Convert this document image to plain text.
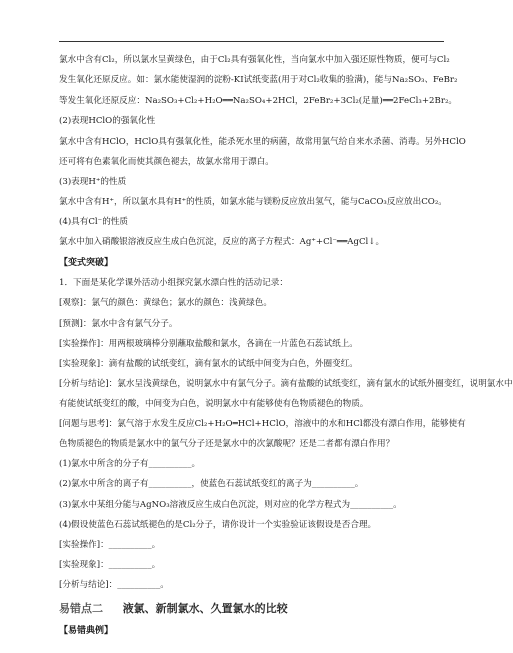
氯水中含有Cl₂，所以氯水呈黄绿色，由于Cl₂具有强氧化性，当向氯水中加入强还原性物质，便可与Cl₂
发生氧化还原反应。如：氯水能使湿润的淀粉-KI试纸变蓝(用于对Cl₂收集的验满)，能与Na₂SO₃、FeBr₂
等发生氧化还原反应：Na₂SO₃+Cl₂+H₂O══Na₂SO₄+2HCl，2FeBr₂+3Cl₂(足量)══2FeCl₃+2Br₂。
(2)表现HClO的强氧化性
氯水中含有HClO，HClO具有强氧化性，能杀死水里的病菌，故常用氯气给自来水杀菌、消毒。另外HClO
还可将有色素氧化而使其颜色褪去，故氯水常用于漂白。
(3)表现H⁺的性质
氯水中含有H⁺，所以氯水具有H⁺的性质，如氯水能与镁粉反应放出氢气，能与CaCO₃反应放出CO₂。
(4)具有Cl⁻的性质
氯水中加入硝酸银溶液反应生成白色沉淀，反应的离子方程式：Ag⁺+Cl⁻══AgCl↓。
【变式突破】
1．下面是某化学课外活动小组探究氯水漂白性的活动记录：
[观察]：氯气的颜色：黄绿色；氯水的颜色：浅黄绿色。
[预测]：氯水中含有氯气分子。
[实验操作]：用两根玻璃棒分别蘸取盐酸和氯水，各滴在一片蓝色石蕊试纸上。
[实验现象]：滴有盐酸的试纸变红，滴有氯水的试纸中间变为白色，外圈变红。
[分析与结论]：氯水呈浅黄绿色，说明氯水中有氯气分子。滴有盐酸的试纸变红，滴有氯水的试纸外圈变红，说明氯水中
有能使试纸变红的酸，中间变为白色，说明氯水中有能够使有色物质褪色的物质。
[问题与思考]：氯气溶于水发生反应Cl₂+H₂O═HCl+HClO，溶液中的水和HCl都没有漂白作用，能够使有
色物质褪色的物质是氯水中的氯气分子还是氯水中的次氯酸呢？还是二者都有漂白作用？
(1)氯水中所含的分子有__________。
(2)氯水中所含的离子有__________，使蓝色石蕊试纸变红的离子为__________。
(3)氯水中某组分能与AgNO₃溶液反应生成白色沉淀，则对应的化学方程式为__________。
(4)假设使蓝色石蕊试纸褪色的是Cl₂分子，请你设计一个实验验证该假设是否合理。
[实验操作]：__________。
[实验现象]：__________。
[分析与结论]：__________。
易错点二 液氯、新制氯水、久置氯水的比较
【易错典例】
